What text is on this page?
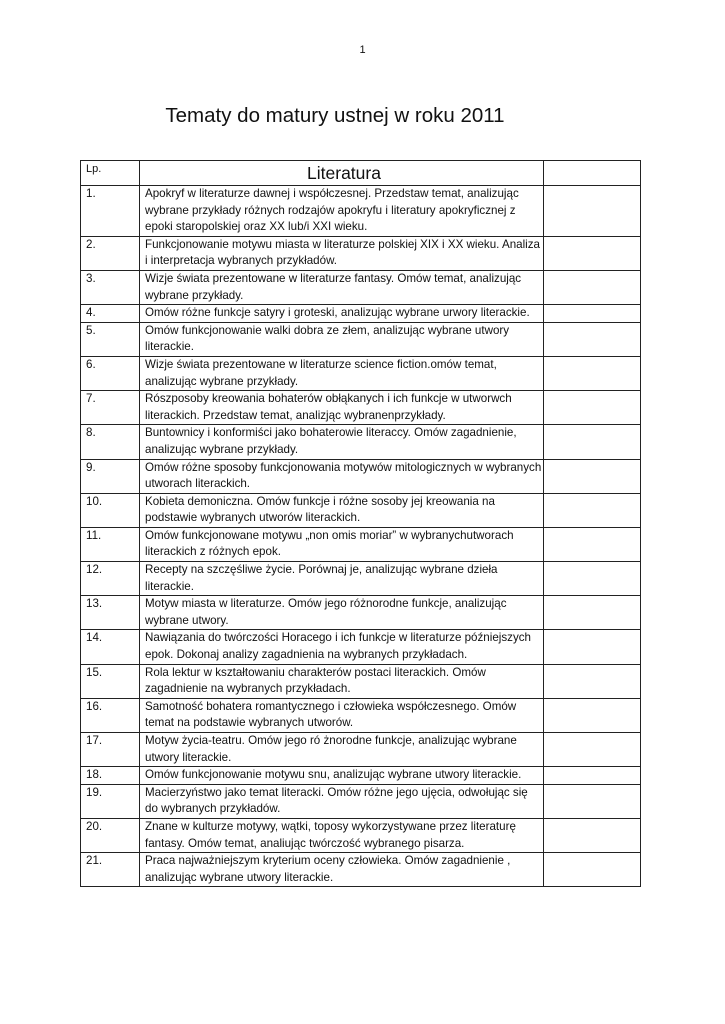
1
Tematy do matury ustnej w roku 2011
Lp.	Literatura	
1.	Apokryf w literaturze dawnej i współczesnej. Przedstaw temat, analizując wybrane przykłady różnych rodzajów apokryfu i literatury apokryficznej z epoki staropolskiej oraz XX lub/i XXI wieku.	
2.	Funkcjonowanie motywu miasta w literaturze polskiej XIX i XX wieku. Analiza i interpretacja wybranych przykładów.	
3.	Wizje świata prezentowane w literaturze fantasy. Omów temat, analizując wybrane przykłady.	
4.	Omów różne funkcje satyry i groteski, analizując wybrane urwory literackie.	
5.	Omów funkcjonowanie walki dobra ze złem, analizując wybrane utwory literackie.	
6.	Wizje świata prezentowane w literaturze science fiction.omów temat, analizując wybrane przykłady.	
7.	Rószposoby kreowania bohaterów obłąkanych i ich funkcje w utworwch literackich. Przedstaw temat, analizjąc wybranenprzykłady.	
8.	Buntownicy i konformiści jako bohaterowie literaccy. Omów zagadnienie, analizując wybrane przykłady.	
9.	Omów różne sposoby funkcjonowania motywów mitologicznych w wybranych utworach literackich.	
10.	Kobieta demoniczna. Omów funkcje i różne sosoby jej kreowania na podstawie wybranych utworów literackich.	
11.	Omów funkcjonowane motywu „non omis moriar” w wybranychutworach literackich z różnych epok.	
12.	Recepty na szczęśliwe życie. Porównaj je, analizując wybrane dzieła literackie.	
13.	Motyw miasta w literaturze. Omów jego różnorodne funkcje, analizując wybrane utwory.	
14.	Nawiązania do twórczości Horacego i ich funkcje w literaturze późniejszych epok. Dokonaj analizy zagadnienia na wybranych przykładach.	
15.	Rola lektur w kształtowaniu charakterów postaci literackich. Omów zagadnienie na wybranych przykładach.	
16.	Samotność bohatera romantycznego i człowieka współczesnego. Omów temat na podstawie wybranych utworów.	
17.	Motyw życia-teatru. Omów jego ró żnorodne funkcje, analizując wybrane utwory literackie.	
18.	Omów funkcjonowanie motywu snu, analizując wybrane utwory literackie.	
19.	Macierzyństwo jako temat literacki. Omów różne jego ujęcia, odwołując się do wybranych przykładów.	
20.	Znane w kulturze motywy, wątki, toposy wykorzystywane przez literaturę fantasy. Omów temat, analiując twórczość wybranego pisarza.	
21.	Praca najważniejszym kryterium oceny człowieka. Omów zagadnienie , analizując wybrane utwory literackie.	
